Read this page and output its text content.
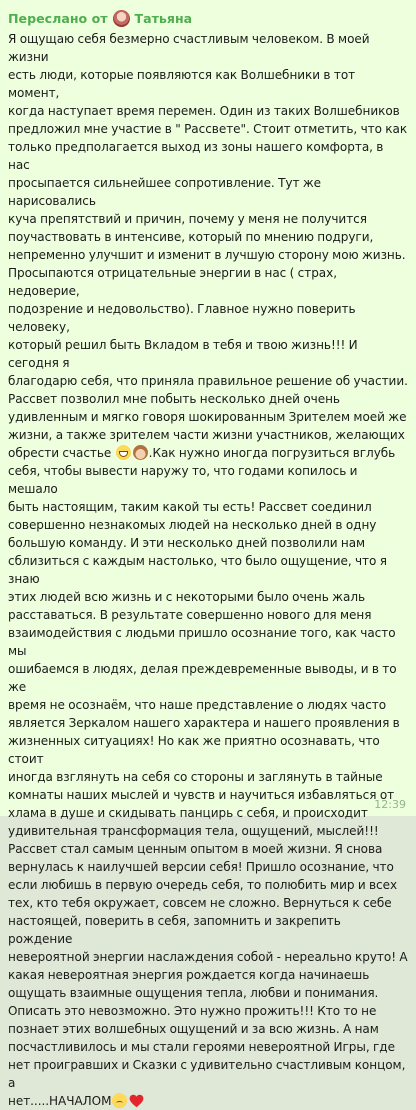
Переслано от Татьяна
Я ощущаю себя безмерно счастливым человеком. В моей жизни
есть люди, которые появляются как Волшебники в тот момент,
когда наступает время перемен. Один из таких Волшебников
предложил мне участие в " Рассвете". Стоит отметить, что как
только предполагается выход из зоны нашего комфорта, в нас
просыпается сильнейшее сопротивление. Тут же нарисовались
куча препятствий и причин, почему у меня не получится
поучаствовать в интенсиве, который по мнению подруги,
непременно улучшит и изменит в лучшую сторону мою жизнь.
Просыпаются отрицательные энергии в нас ( страх, недоверие,
подозрение и недовольство). Главное нужно поверить человеку,
который решил быть Вкладом в тебя и твою жизнь!!! И сегодня я
благодарю себя, что приняла правильное решение об участии.
Рассвет позволил мне побыть несколько дней очень
удивленным и мягко говоря шокированным Зрителем моей же
жизни, а также зрителем части жизни участников, желающих
обрести счастье	.Как нужно иногда погрузиться вглубь
себя, чтобы вывести наружу то, что годами копилось и мешало
быть настоящим, таким какой ты есть! Рассвет соединил
совершенно незнакомых людей на несколько дней в одну
большую команду. И эти несколько дней позволили нам
сблизиться с каждым настолько, что было ощущение, что я знаю
этих людей всю жизнь и с некоторыми было очень жаль
расставаться. В результате совершенно нового для меня
взаимодействия с людьми пришло осознание того, как часто мы
ошибаемся в людях, делая преждевременные выводы, и в то же
время не осознаём, что наше представление о людях часто
является Зеркалом нашего характера и нашего проявления в
жизненных ситуациях! Но как же приятно осознавать, что стоит
иногда взглянуть на себя со стороны и заглянуть в тайные
комнаты наших мыслей и чувств и научиться избавляться от
хлама в душе и скидывать панцирь с себя, и происходит
удивительная трансформация тела, ощущений, мыслей!!!
Рассвет стал самым ценным опытом в моей жизни. Я снова
вернулась к наилучшей версии себя! Пришло осознание, что
если любишь в первую очередь себя, то полюбить мир и всех
тех, кто тебя окружает, совсем не сложно. Вернуться к себе
настоящей, поверить в себя, запомнить и закрепить рождение
невероятной энергии наслаждения собой - нереально круто! А
какая невероятная энергия рождается когда начинаешь
ощущать взаимные ощущения тепла, любви и понимания.
Описать это невозможно. Это нужно прожить!!! Кто то не
познает этих волшебных ощущений и за всю жизнь. А нам
посчастливилось и мы стали героями невероятной Игры, где
нет проигравших и Сказки с удивительно счастливым концом, а
нет.....НАЧАЛОМ
12:39
